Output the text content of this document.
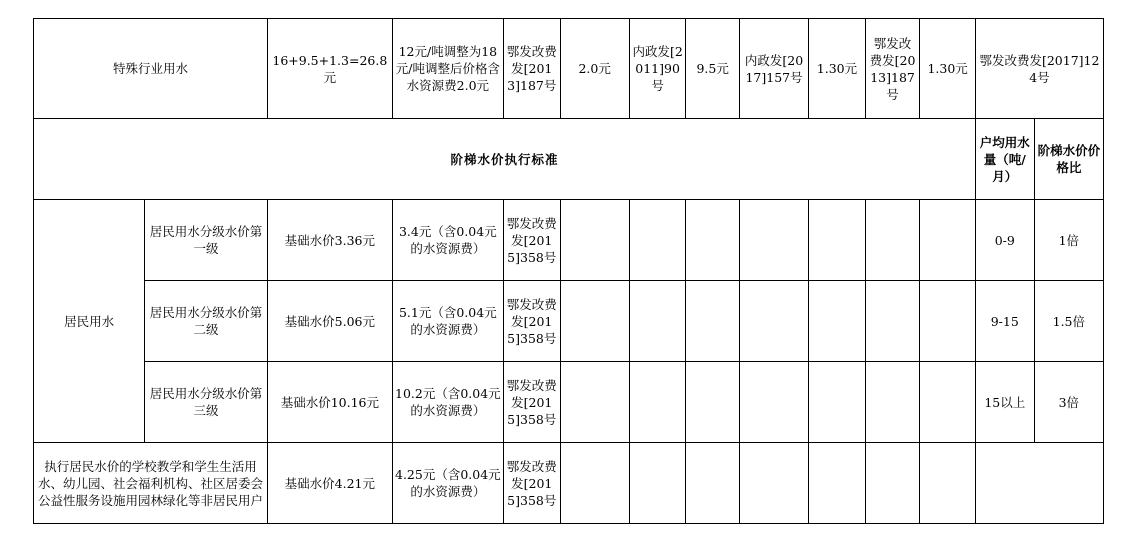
特殊行业用水		16+9.5+1.3=26.8元	12元/吨调整为18元/吨调整后价格含水资源费2.0元	鄂发改费发[2013]187号	2.0元	内政发[2011]90号	9.5元	内政发[2017]157号	1.30元	鄂发改费发[2013]187号	1.30元	鄂发改费发[2017]124号	
阶梯水价执行标准												户均用水量（吨/月）	阶梯水价价格比
居民用水	居民用水分级水价第一级	基础水价3.36元	3.4元（含0.04元的水资源费）	鄂发改费发[2015]358号								0-9	1倍
	居民用水分级水价第二级	基础水价5.06元	5.1元（含0.04元的水资源费）	鄂发改费发[2015]358号								9-15	1.5倍
	居民用水分级水价第三级	基础水价10.16元	10.2元（含0.04元的水资源费）	鄂发改费发[2015]358号								15以上	3倍
执行居民水价的学校教学和学生生活用水、幼儿园、社会福利机构、社区居委会公益性服务设施用园林绿化等非居民用户		基础水价4.21元	4.25元（含0.04元的水资源费）	鄂发改费发[2015]358号									
